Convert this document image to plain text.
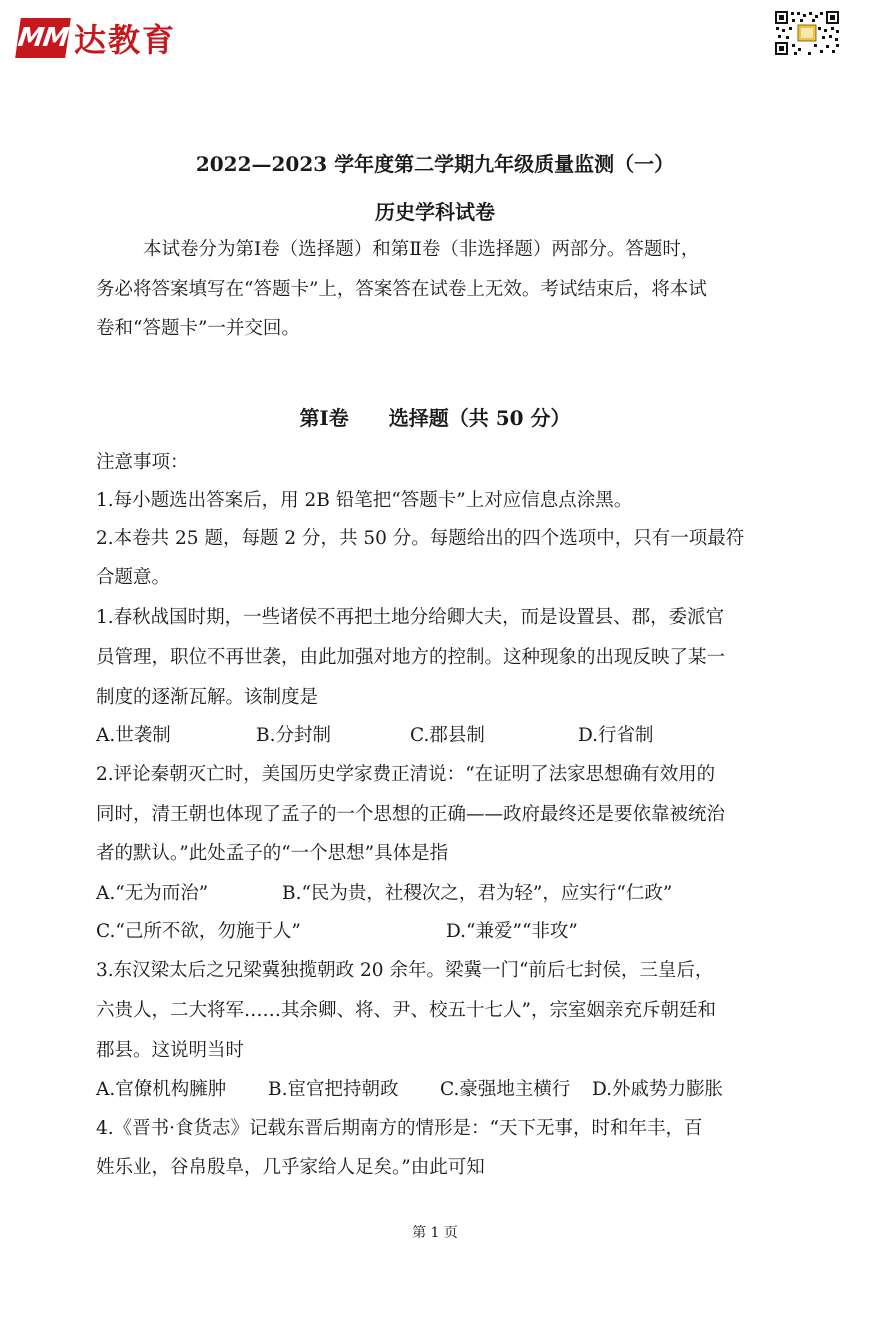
MM 达教育
2022—2023 学年度第二学期九年级质量监测（一）
历史学科试卷
本试卷分为第Ⅰ卷（选择题）和第Ⅱ卷（非选择题）两部分。答题时，
务必将答案填写在“答题卡”上，答案答在试卷上无效。考试结束后，将本试
卷和“答题卡”一并交回。
第Ⅰ卷　　选择题（共 50 分）
注意事项：
1.每小题选出答案后，用 2B 铅笔把“答题卡”上对应信息点涂黑。
2.本卷共 25 题，每题 2 分，共 50 分。每题给出的四个选项中，只有一项最符
合题意。
1.春秋战国时期，一些诸侯不再把土地分给卿大夫，而是设置县、郡，委派官
员管理，职位不再世袭，由此加强对地方的控制。这种现象的出现反映了某一
制度的逐渐瓦解。该制度是
A.世袭制	B.分封制	C.郡县制	D.行省制
2.评论秦朝灭亡时，美国历史学家费正清说：“在证明了法家思想确有效用的
同时，清王朝也体现了孟子的一个思想的正确——政府最终还是要依靠被统治
者的默认。”此处孟子的“一个思想”具体是指
A.“无为而治”	B.“民为贵，社稷次之，君为轻”，应实行“仁政”
C.“己所不欲，勿施于人”	D.“兼爱”“非攻”
3.东汉梁太后之兄梁冀独揽朝政 20 余年。梁冀一门“前后七封侯，三皇后，
六贵人，二大将军……其余卿、将、尹、校五十七人”，宗室姻亲充斥朝廷和
郡县。这说明当时
A.官僚机构臃肿 B.宦官把持朝政 C.豪强地主横行 D.外戚势力膨胀
4.《晋书·食货志》记载东晋后期南方的情形是：“天下无事，时和年丰，百
姓乐业，谷帛殷阜，几乎家给人足矣。”由此可知
第 1 页
